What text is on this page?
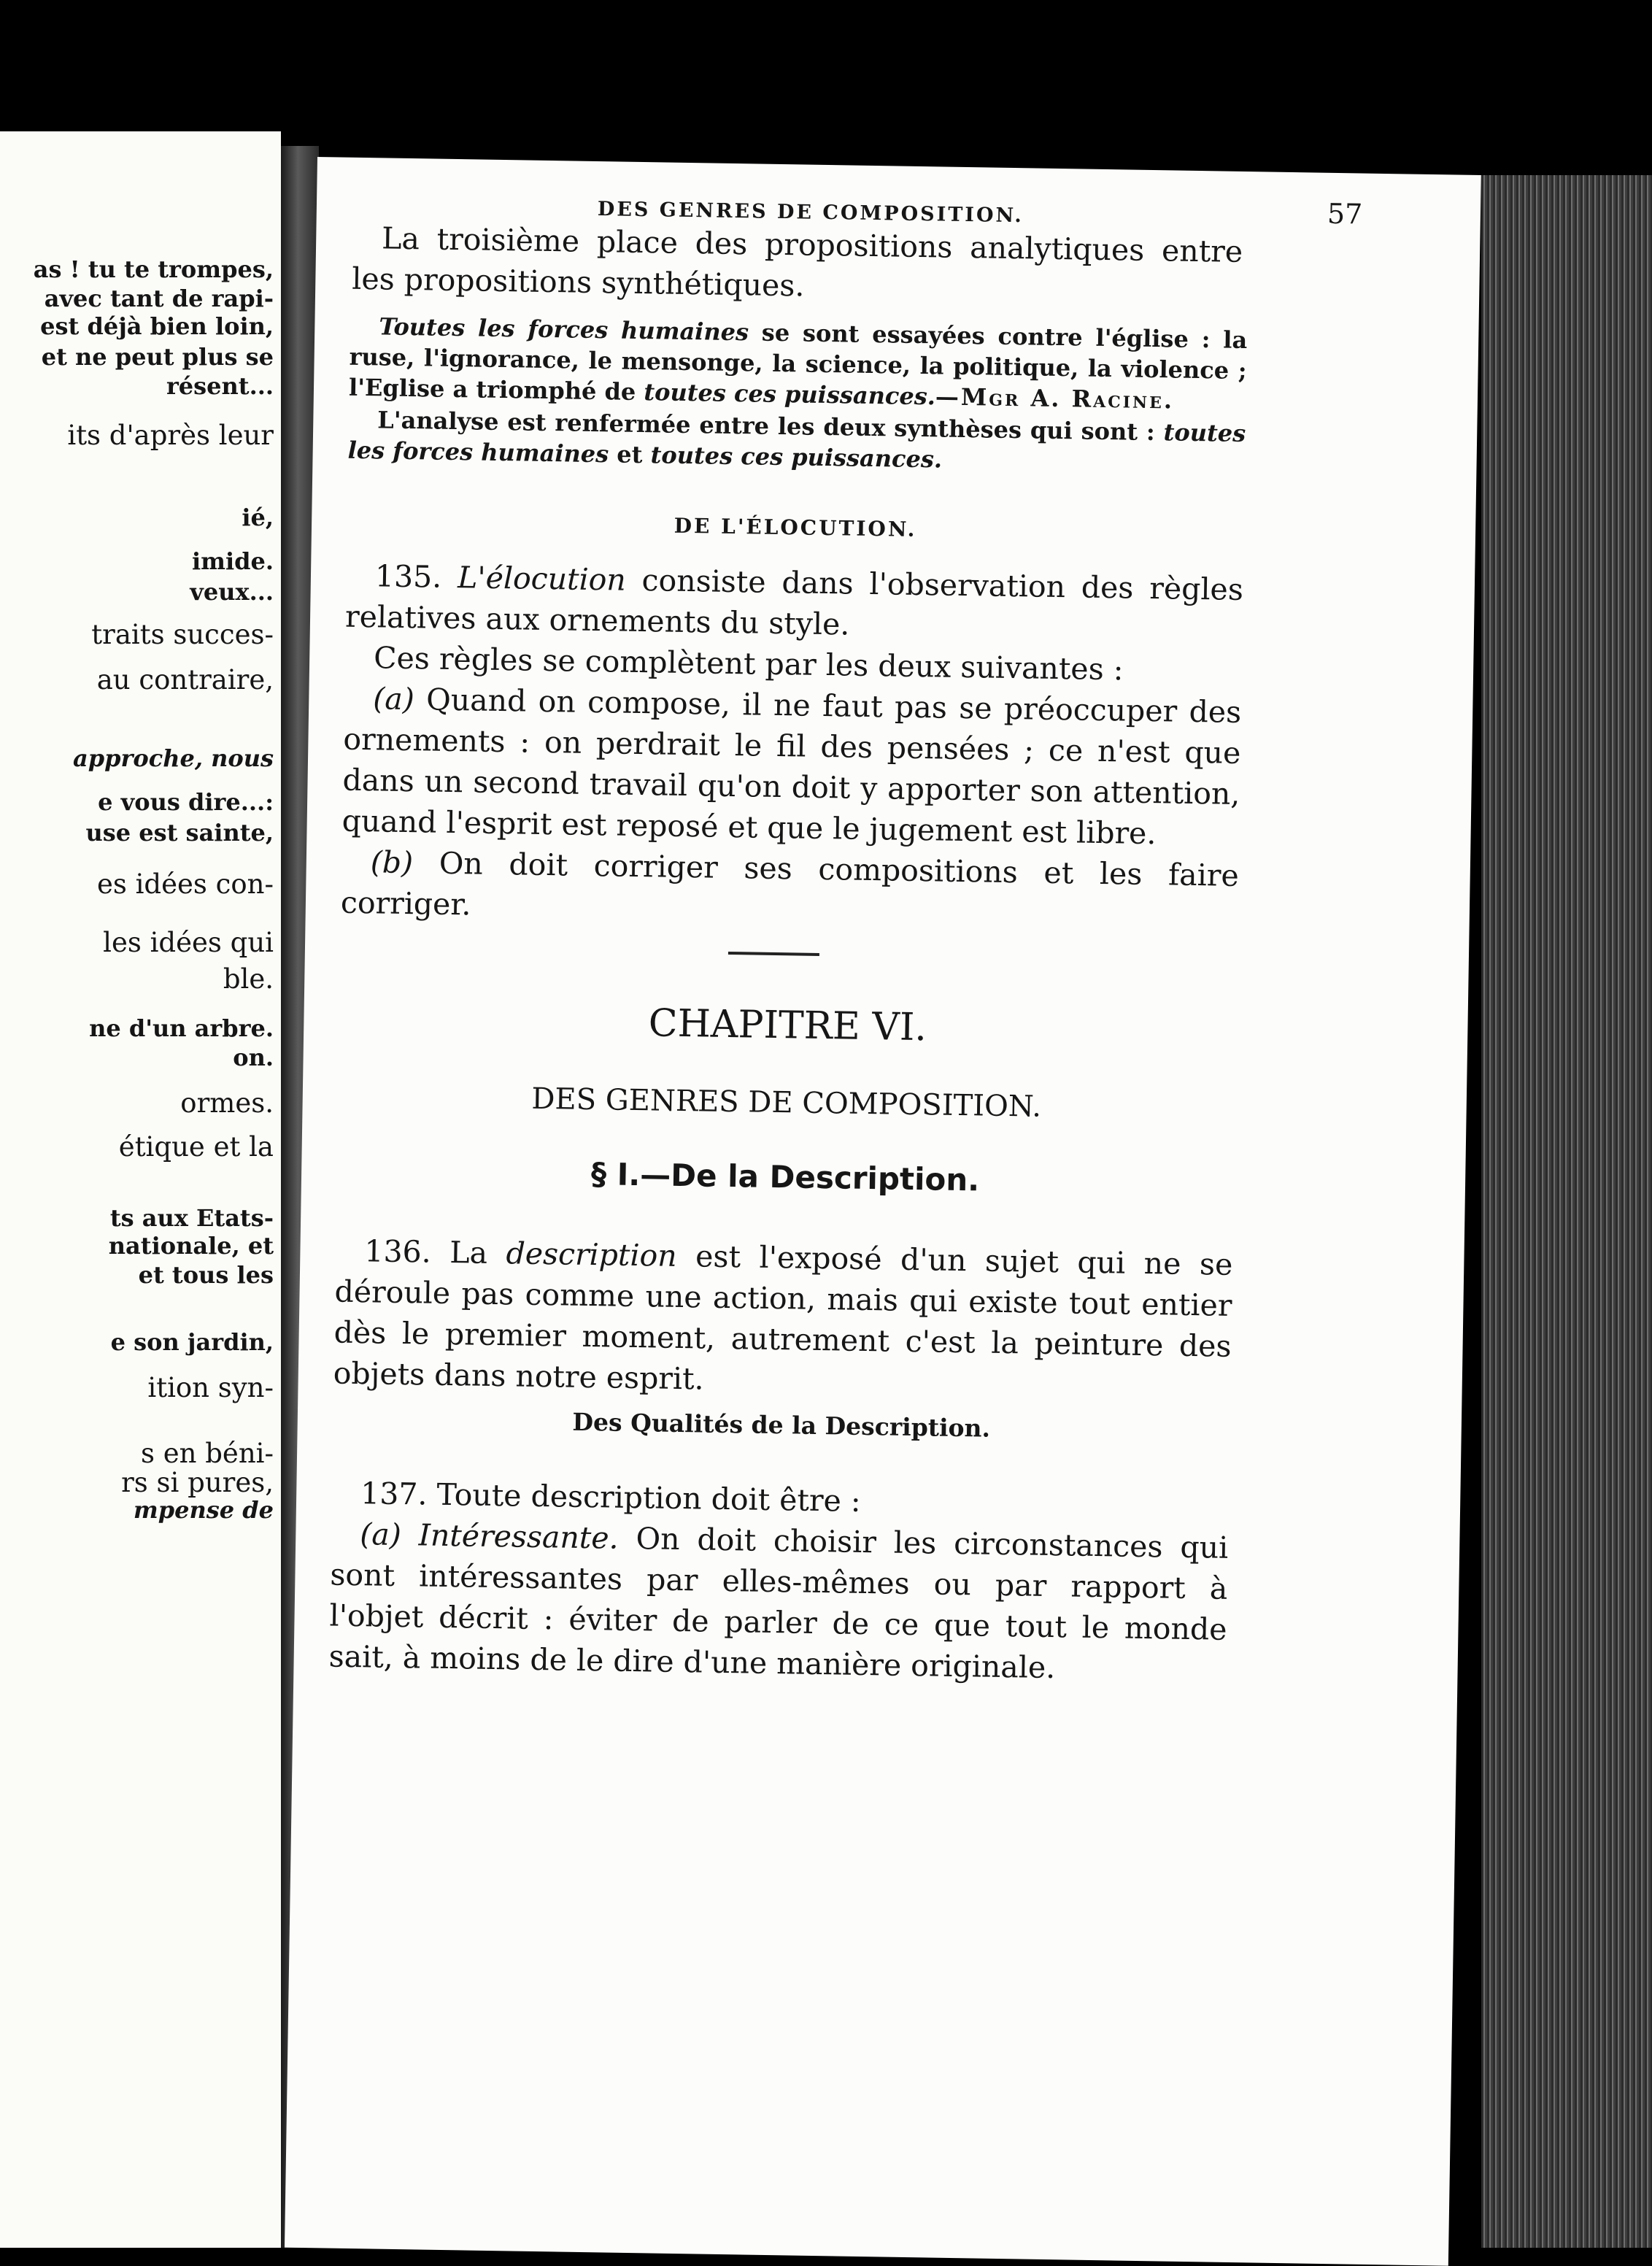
as ! tu te trompes,
avec tant de rapi-
est déjà bien loin,
et ne peut plus se
résent...
its d'après leur
ié,
imide.
veux...
traits succes-
au contraire,
approche, nous
e vous dire...:
use est sainte,
es idées con-
les idées qui
ble.
ne d'un arbre.
on.
ormes.
étique et la
ts aux Etats-
nationale, et
et tous les
e son jardin,
ition syn-
s en béni-
rs si pures,
mpense de
DES GENRES DE COMPOSITION.	57
La troisième place des propositions analytiques entre les propositions synthétiques.
Toutes les forces humaines se sont essayées contre l'église : la ruse, l'ignorance, le mensonge, la science, la politique, la violence ; l'Eglise a triomphé de toutes ces puissances.—Mgr A. Racine.
L'analyse est renfermée entre les deux synthèses qui sont : toutes les forces humaines et toutes ces puissances.
DE L'ÉLOCUTION.
135. L'élocution consiste dans l'observation des règles relatives aux ornements du style.
Ces règles se complètent par les deux suivantes :
(a) Quand on compose, il ne faut pas se préoccuper des ornements : on perdrait le fil des pensées ; ce n'est que dans un second travail qu'on doit y apporter son attention, quand l'esprit est reposé et que le jugement est libre.
(b) On doit corriger ses compositions et les faire corriger.
CHAPITRE VI.
DES GENRES DE COMPOSITION.
§ I.—De la Description.
136. La description est l'exposé d'un sujet qui ne se déroule pas comme une action, mais qui existe tout entier dès le premier moment, autrement c'est la peinture des objets dans notre esprit.
Des Qualités de la Description.
137. Toute description doit être :
(a) Intéressante. On doit choisir les circonstances qui sont intéressantes par elles-mêmes ou par rapport à l'objet décrit : éviter de parler de ce que tout le monde sait, à moins de le dire d'une manière originale.
